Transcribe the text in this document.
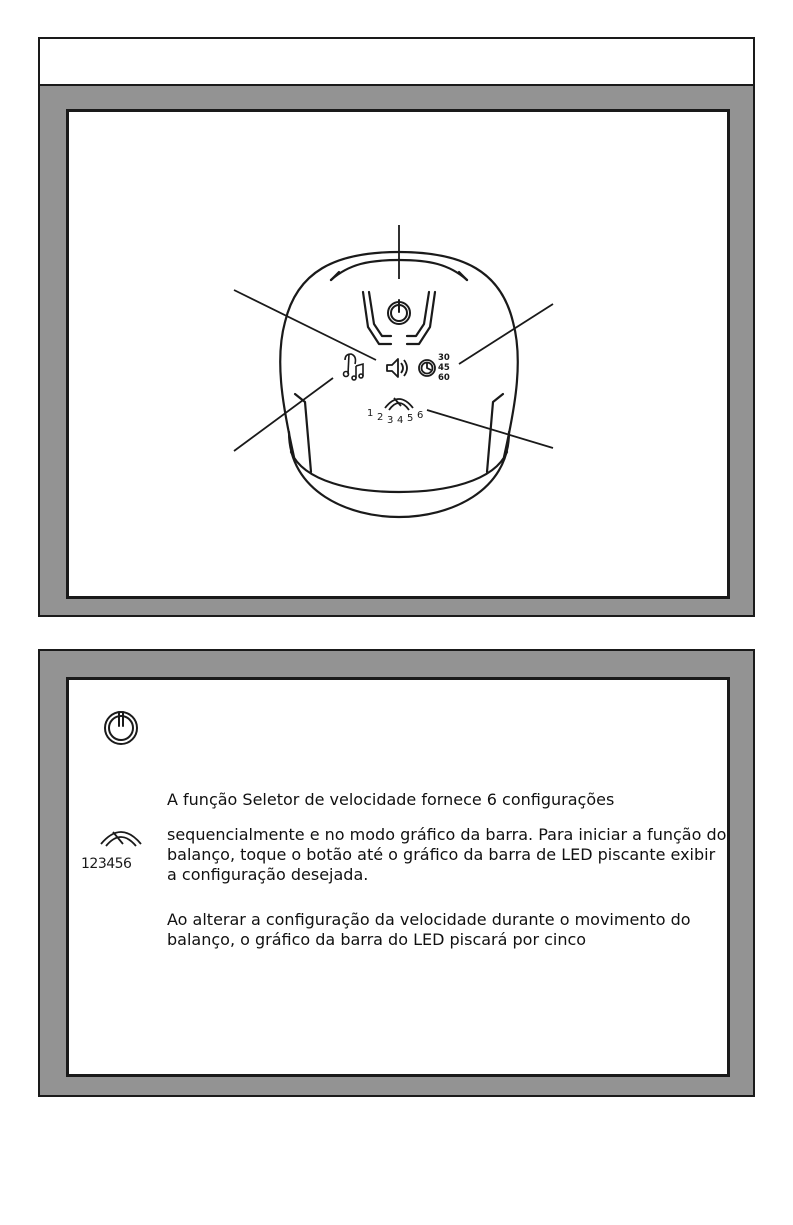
30
45
60
1 2 3 4 5 6
123456

A função Seletor de velocidade fornece 6 configurações

sequencialmente e no modo gráfico da barra. Para iniciar a função do balanço, toque o botão até o gráfico da barra de LED piscante exibir a configuração desejada.

Ao alterar a configuração da velocidade durante o movimento do balanço, o gráfico da barra do LED piscará por cinco
